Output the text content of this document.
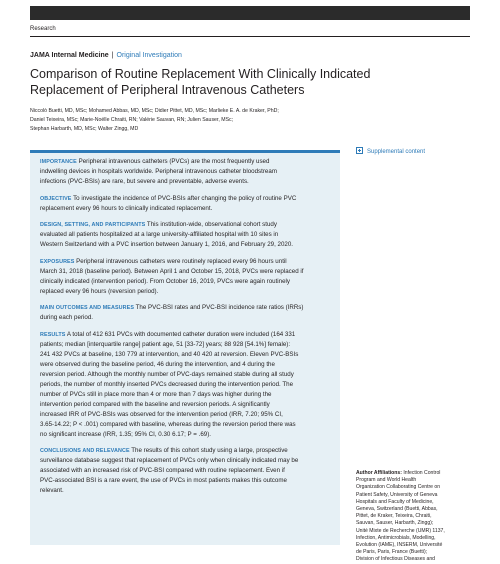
Research
JAMA Internal Medicine | Original Investigation
Comparison of Routine Replacement With Clinically Indicated
Replacement of Peripheral Intravenous Catheters
Niccolò Buetti, MD, MSc; Mohamed Abbas, MD, MSc; Didier Pittet, MD, MSc; Marlieke E. A. de Kraker, PhD;
Daniel Teixeira, MSc; Marie-Noëlle Chraiti, RN; Valérie Sauvan, RN; Julien Sauser, MSc;
Stephan Harbarth, MD, MSc; Walter Zingg, MD
IMPORTANCE Peripheral intravenous catheters (PVCs) are the most frequently used
indwelling devices in hospitals worldwide. Peripheral intravenous catheter bloodstream
infections (PVC-BSIs) are rare, but severe and preventable, adverse events.
OBJECTIVE To investigate the incidence of PVC-BSIs after changing the policy of routine PVC
replacement every 96 hours to clinically indicated replacement.
DESIGN, SETTING, AND PARTICIPANTS This institution-wide, observational cohort study
evaluated all patients hospitalized at a large university-affiliated hospital with 10 sites in
Western Switzerland with a PVC insertion between January 1, 2016, and February 29, 2020.
EXPOSURES Peripheral intravenous catheters were routinely replaced every 96 hours until
March 31, 2018 (baseline period). Between April 1 and October 15, 2018, PVCs were replaced if
clinically indicated (intervention period). From October 16, 2019, PVCs were again routinely
replaced every 96 hours (reversion period).
MAIN OUTCOMES AND MEASURES The PVC-BSI rates and PVC-BSI incidence rate ratios (IRRs)
during each period.
RESULTS A total of 412 631 PVCs with documented catheter duration were included (164 331
patients; median [interquartile range] patient age, 51 [33-72] years; 88 928 [54.1%] female):
241 432 PVCs at baseline, 130 779 at intervention, and 40 420 at reversion. Eleven PVC-BSIs
were observed during the baseline period, 46 during the intervention, and 4 during the
reversion period. Although the monthly number of PVC-days remained stable during all study
periods, the number of monthly inserted PVCs decreased during the intervention period. The
number of PVCs still in place more than 4 or more than 7 days was higher during the
intervention period compared with the baseline and reversion periods. A significantly
increased IRR of PVC-BSIs was observed for the intervention period (IRR, 7.20; 95% CI,
3.65-14.22; P < .001) compared with baseline, whereas during the reversion period there was
no significant increase (IRR, 1.35; 95% CI, 0.30 6.17; P = .69).
CONCLUSIONS AND RELEVANCE The results of this cohort study using a large, prospective
surveillance database suggest that replacement of PVCs only when clinically indicated may be
associated with an increased risk of PVC-BSI compared with routine replacement. Even if
PVC-associated BSI is a rare event, the use of PVCs in most patients makes this outcome
relevant.
Supplemental content
Author Affiliations: Infection Control
Program and World Health
Organization Collaborating Centre on
Patient Safety, University of Geneva
Hospitals and Faculty of Medicine,
Geneva, Switzerland (Buetti, Abbas,
Pittet, de Kraker, Teixeira, Chraiti,
Sauvan, Sauser, Harbarth, Zingg);
Unité Mixte de Recherche (UMR) 1137,
Infection, Antimicrobials, Modelling,
Evolution (IAME), INSERM, Université
de Paris, Paris, France (Buetti);
Division of Infectious Diseases and
